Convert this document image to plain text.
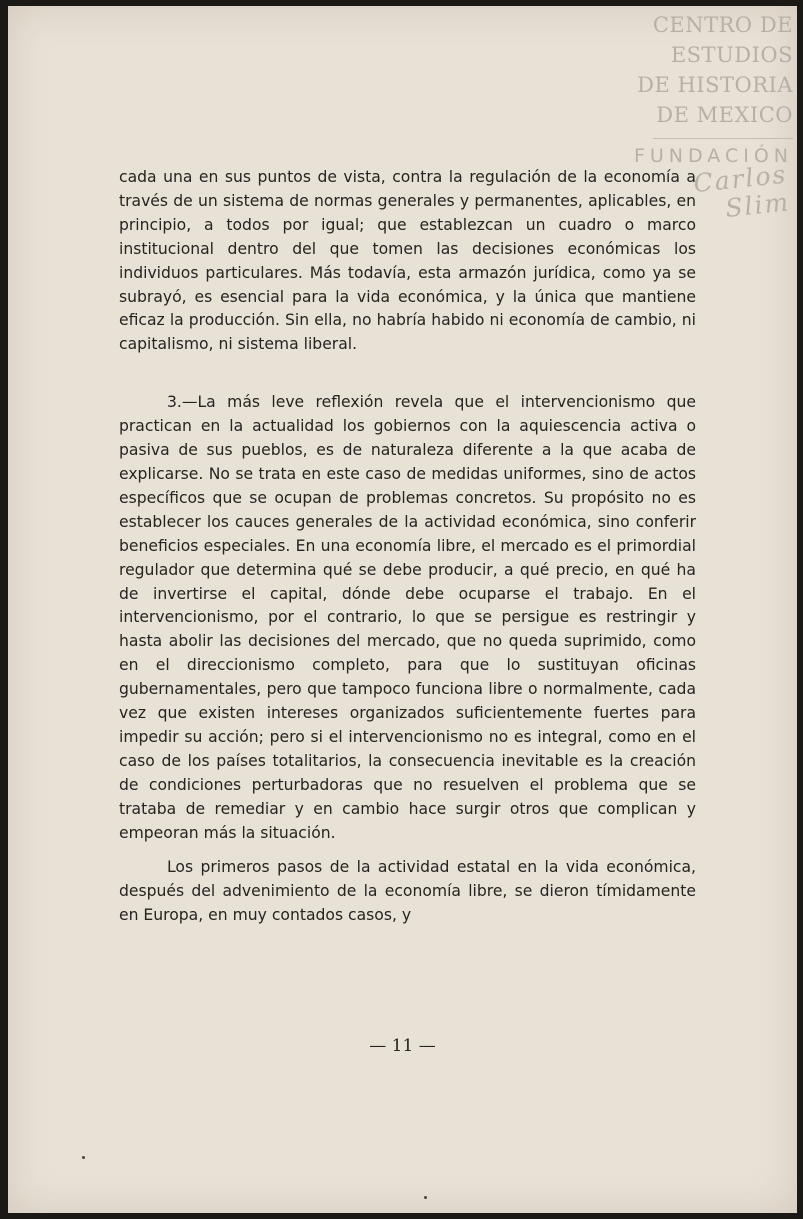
CENTRO DE
ESTUDIOS
DE HISTORIA
DE MEXICO
FUNDACIÓN
Carlos Slim

cada una en sus puntos de vista, contra la regulación de la economía a través de un sistema de normas generales y permanentes, aplicables, en principio, a todos por igual; que establezcan un cuadro o marco institucional dentro del que tomen las decisiones económicas los individuos particulares. Más todavía, esta armazón jurídica, como ya se subrayó, es esencial para la vida económica, y la única que mantiene eficaz la producción. Sin ella, no habría habido ni economía de cambio, ni capitalismo, ni sistema liberal.

3.—La más leve reflexión revela que el intervencionismo que practican en la actualidad los gobiernos con la aquiescencia activa o pasiva de sus pueblos, es de naturaleza diferente a la que acaba de explicarse. No se trata en este caso de medidas uniformes, sino de actos específicos que se ocupan de problemas concretos. Su propósito no es establecer los cauces generales de la actividad económica, sino conferir beneficios especiales. En una economía libre, el mercado es el primordial regulador que determina qué se debe producir, a qué precio, en qué ha de invertirse el capital, dónde debe ocuparse el trabajo. En el intervencionismo, por el contrario, lo que se persigue es restringir y hasta abolir las decisiones del mercado, que no queda suprimido, como en el direccionismo completo, para que lo sustituyan oficinas gubernamentales, pero que tampoco funciona libre o normalmente, cada vez que existen intereses organizados suficientemente fuertes para impedir su acción; pero si el intervencionismo no es integral, como en el caso de los países totalitarios, la consecuencia inevitable es la creación de condiciones perturbadoras que no resuelven el problema que se trataba de remediar y en cambio hace surgir otros que complican y empeoran más la situación.

Los primeros pasos de la actividad estatal en la vida económica, después del advenimiento de la economía libre, se dieron tímidamente en Europa, en muy contados casos, y

— 11 —
